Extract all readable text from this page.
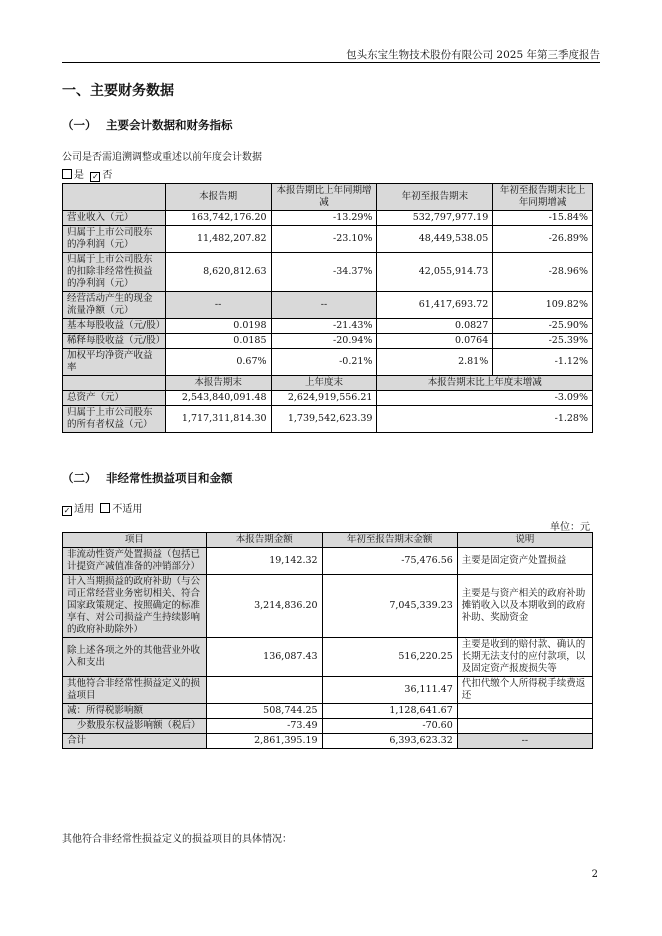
包头东宝生物技术股份有限公司 2025 年第三季度报告
一、主要财务数据
（一） 主要会计数据和财务指标
公司是否需追溯调整或重述以前年度会计数据
是 ✓ 否
	本报告期	本报告期比上年同期增减	年初至报告期末	年初至报告期末比上年同期增减
营业收入（元）	163,742,176.20	-13.29%	532,797,977.19	-15.84%
归属于上市公司股东的净利润（元）	11,482,207.82	-23.10%	48,449,538.05	-26.89%
归属于上市公司股东的扣除非经常性损益的净利润（元）	8,620,812.63	-34.37%	42,055,914.73	-28.96%
经营活动产生的现金流量净额（元）	--	--	61,417,693.72	109.82%
基本每股收益（元/股）	0.0198	-21.43%	0.0827	-25.90%
稀释每股收益（元/股）	0.0185	-20.94%	0.0764	-25.39%
加权平均净资产收益率	0.67%	-0.21%	2.81%	-1.12%
	本报告期末	上年度末	本报告期末比上年度末增减	
总资产（元）	2,543,840,091.48	2,624,919,556.21	-3.09%	
归属于上市公司股东的所有者权益（元）	1,717,311,814.30	1,739,542,623.39	-1.28%	
（二） 非经常性损益项目和金额
✓ 适用 不适用
单位：元
项目	本报告期金额	年初至报告期末金额	说明
非流动性资产处置损益（包括已计提资产减值准备的冲销部分）	19,142.32	-75,476.56	主要是固定资产处置损益
计入当期损益的政府补助（与公司正常经营业务密切相关、符合国家政策规定、按照确定的标准享有、对公司损益产生持续影响的政府补助除外）	3,214,836.20	7,045,339.23	主要是与资产相关的政府补助摊销收入以及本期收到的政府补助、奖励资金
除上述各项之外的其他营业外收入和支出	136,087.43	516,220.25	主要是收到的赔付款、确认的长期无法支付的应付款项，以及固定资产报废损失等
其他符合非经常性损益定义的损益项目		36,111.47	代扣代缴个人所得税手续费返还
减：所得税影响额	508,744.25	1,128,641.67	
少数股东权益影响额（税后）	-73.49	-70.60	
合计	2,861,395.19	6,393,623.32	--
其他符合非经常性损益定义的损益项目的具体情况：
2
